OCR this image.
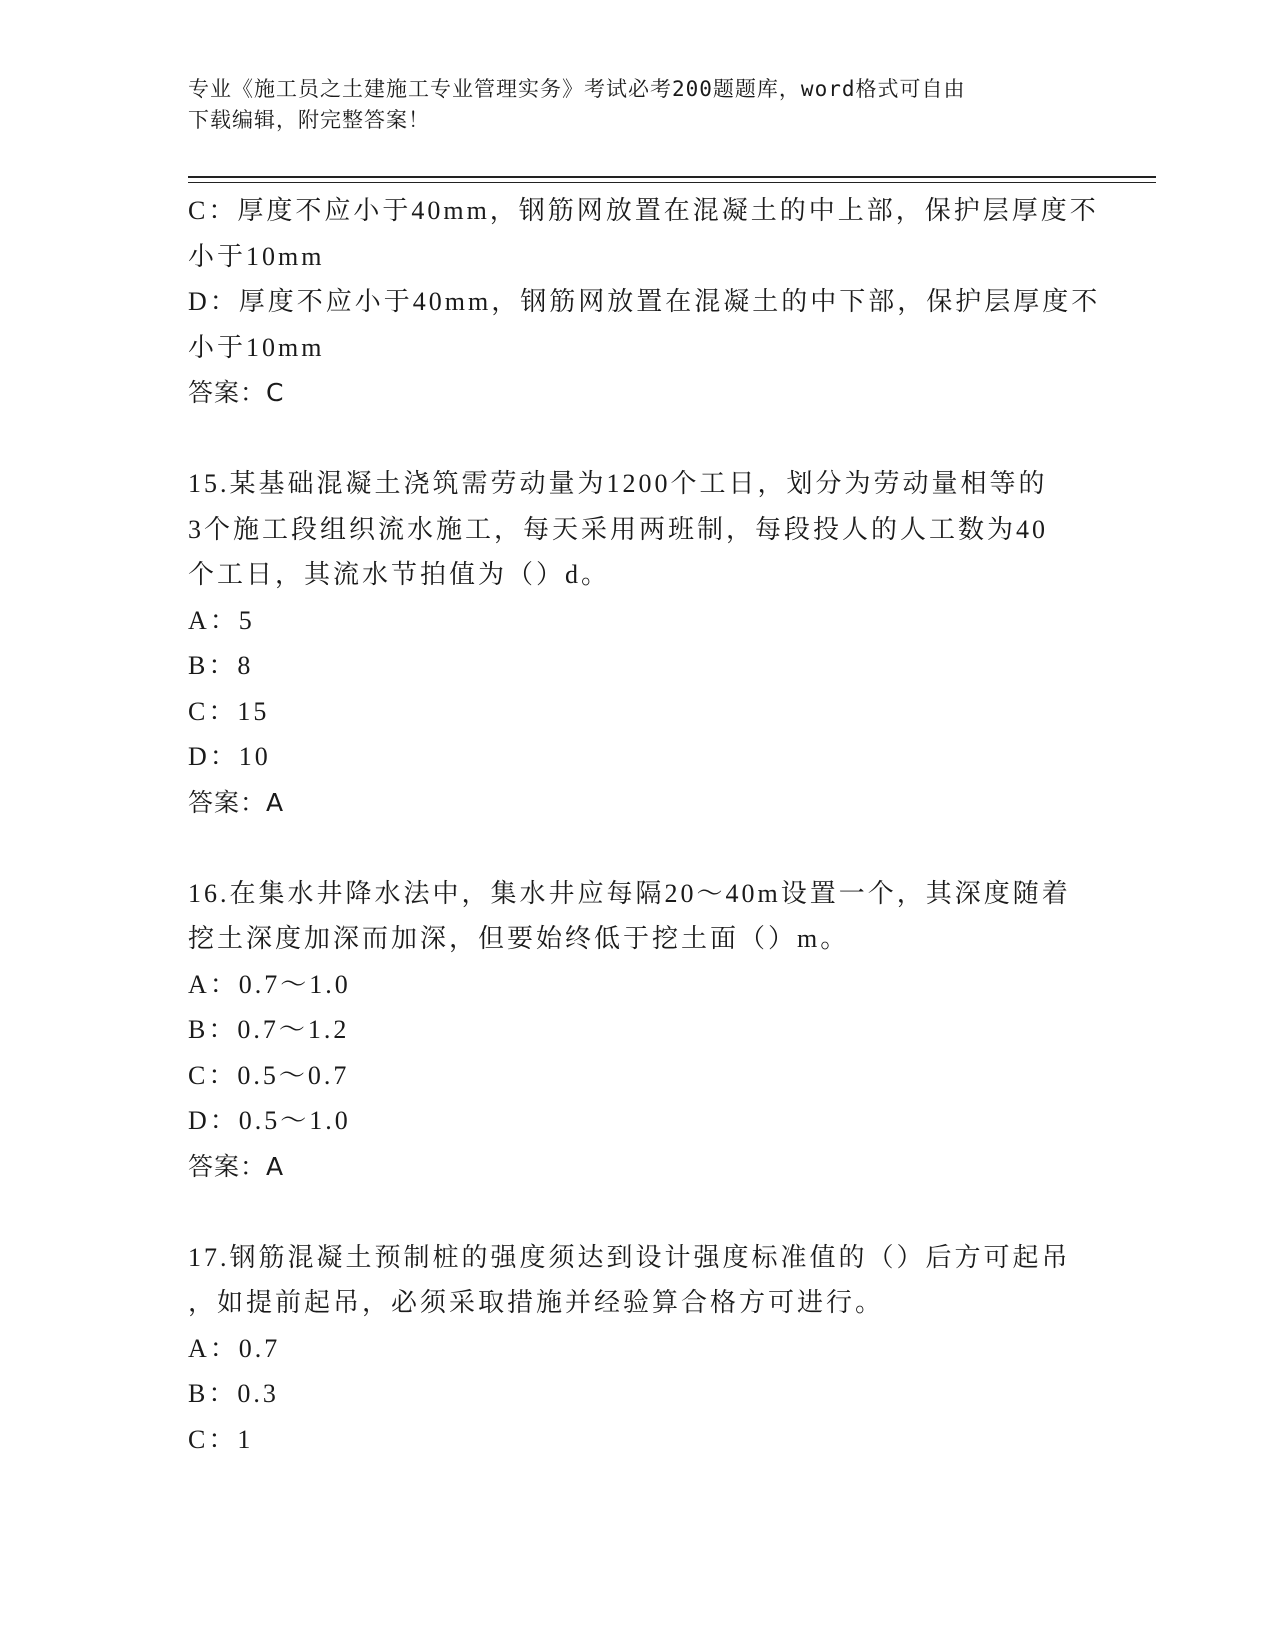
专业《施工员之土建施工专业管理实务》考试必考200题题库，word格式可自由
下载编辑，附完整答案！
C：厚度不应小于40mm，钢筋网放置在混凝土的中上部，保护层厚度不
小于10mm
D：厚度不应小于40mm，钢筋网放置在混凝土的中下部，保护层厚度不
小于10mm
答案：C
15.某基础混凝土浇筑需劳动量为1200个工日，划分为劳动量相等的
3个施工段组织流水施工，每天采用两班制，每段投人的人工数为40
个工日，其流水节拍值为（）d。
A：5
B：8
C：15
D：10
答案：A
16.在集水井降水法中，集水井应每隔20～40m设置一个，其深度随着
挖土深度加深而加深，但要始终低于挖土面（）m。
A：0.7～1.0
B：0.7～1.2
C：0.5～0.7
D：0.5～1.0
答案：A
17.钢筋混凝土预制桩的强度须达到设计强度标准值的（）后方可起吊
，如提前起吊，必须采取措施并经验算合格方可进行。
A：0.7
B：0.3
C：1
